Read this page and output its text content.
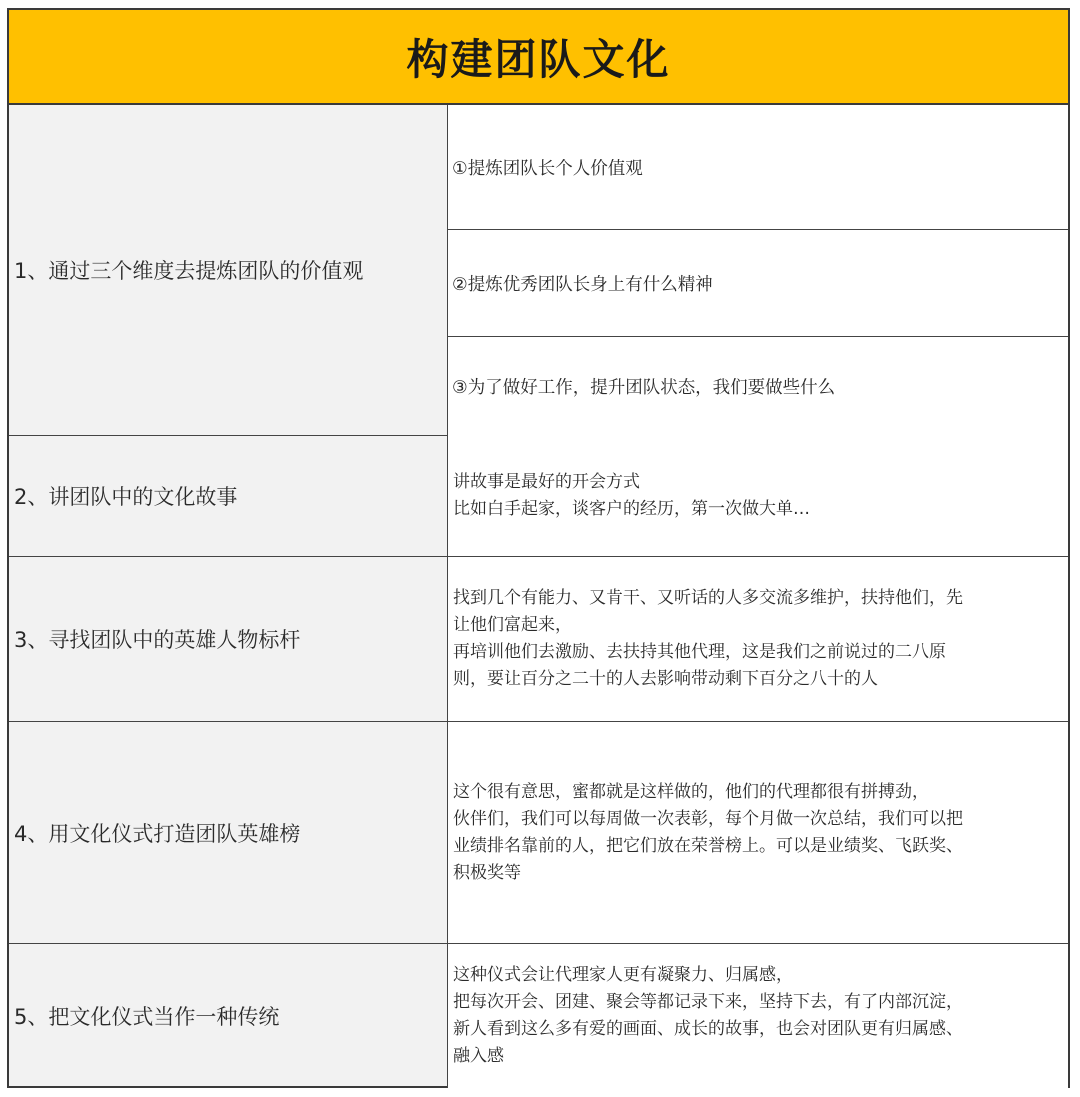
构建团队文化
1、通过三个维度去提炼团队的价值观
①提炼团队长个人价值观
②提炼优秀团队长身上有什么精神
③为了做好工作，提升团队状态，我们要做些什么
2、讲团队中的文化故事
讲故事是最好的开会方式
比如白手起家，谈客户的经历，第一次做大单…
3、寻找团队中的英雄人物标杆
找到几个有能力、又肯干、又听话的人多交流多维护，扶持他们，先
让他们富起来，
再培训他们去激励、去扶持其他代理，这是我们之前说过的二八原
则，要让百分之二十的人去影响带动剩下百分之八十的人
4、用文化仪式打造团队英雄榜
这个很有意思，蜜都就是这样做的，他们的代理都很有拼搏劲，
伙伴们，我们可以每周做一次表彰，每个月做一次总结，我们可以把
业绩排名靠前的人，把它们放在荣誉榜上。可以是业绩奖、飞跃奖、
积极奖等
5、把文化仪式当作一种传统
这种仪式会让代理家人更有凝聚力、归属感，
把每次开会、团建、聚会等都记录下来，坚持下去，有了内部沉淀，
新人看到这么多有爱的画面、成长的故事，也会对团队更有归属感、
融入感
